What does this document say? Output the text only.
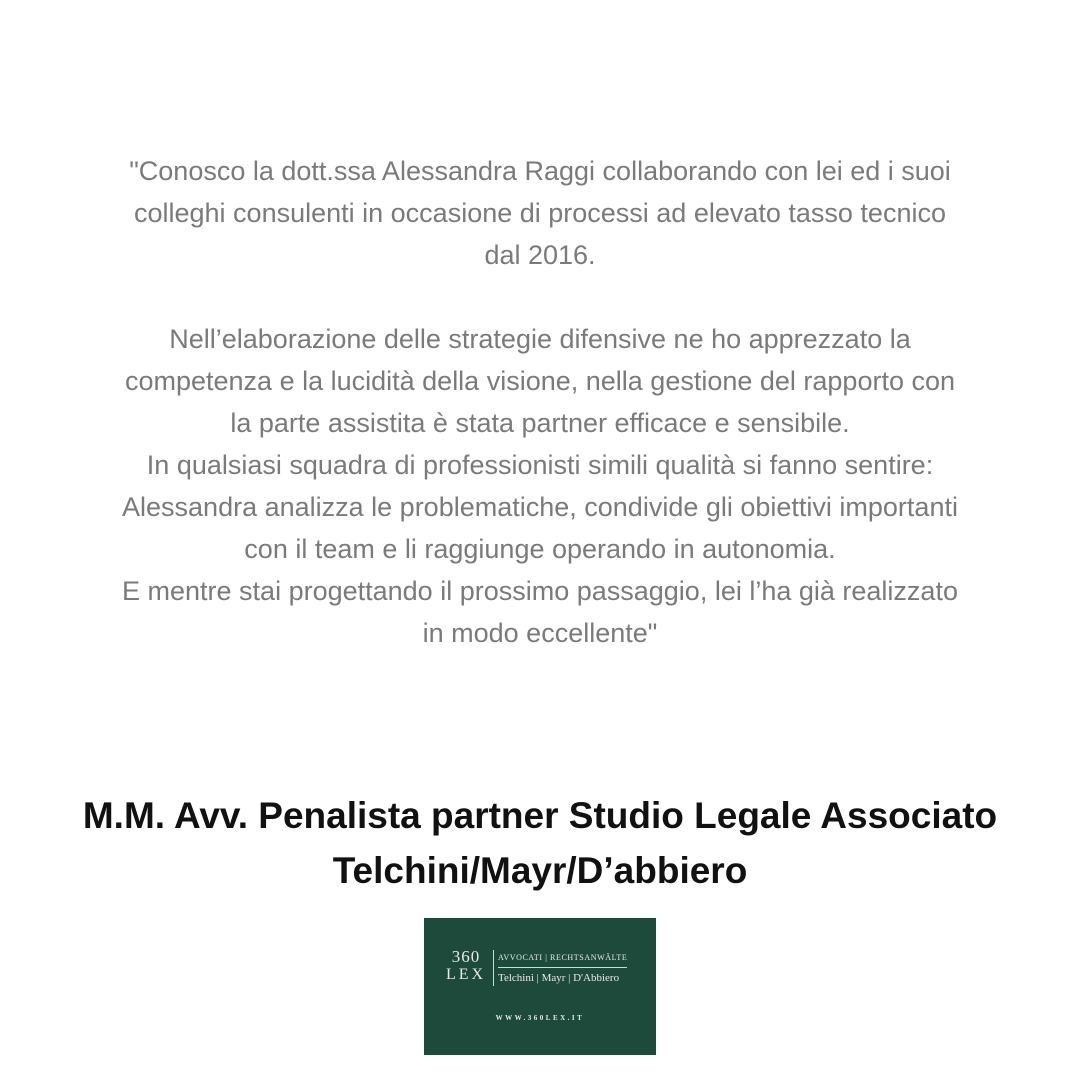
"Conosco la dott.ssa Alessandra Raggi collaborando con lei ed i suoi
colleghi consulenti in occasione di processi ad elevato tasso tecnico
dal 2016.
Nell’elaborazione delle strategie difensive ne ho apprezzato la
competenza e la lucidità della visione, nella gestione del rapporto con
la parte assistita è stata partner efficace e sensibile.
In qualsiasi squadra di professionisti simili qualità si fanno sentire:
Alessandra analizza le problematiche, condivide gli obiettivi importanti
con il team e li raggiunge operando in autonomia.
E mentre stai progettando il prossimo passaggio, lei l’ha già realizzato
in modo eccellente"
M.M. Avv. Penalista partner Studio Legale Associato
Telchini/Mayr/D’abbiero
360
LEX
AVVOCATI | RECHTSANWÄLTE
Telchini | Mayr | D'Abbiero
WWW.360LEX.IT
